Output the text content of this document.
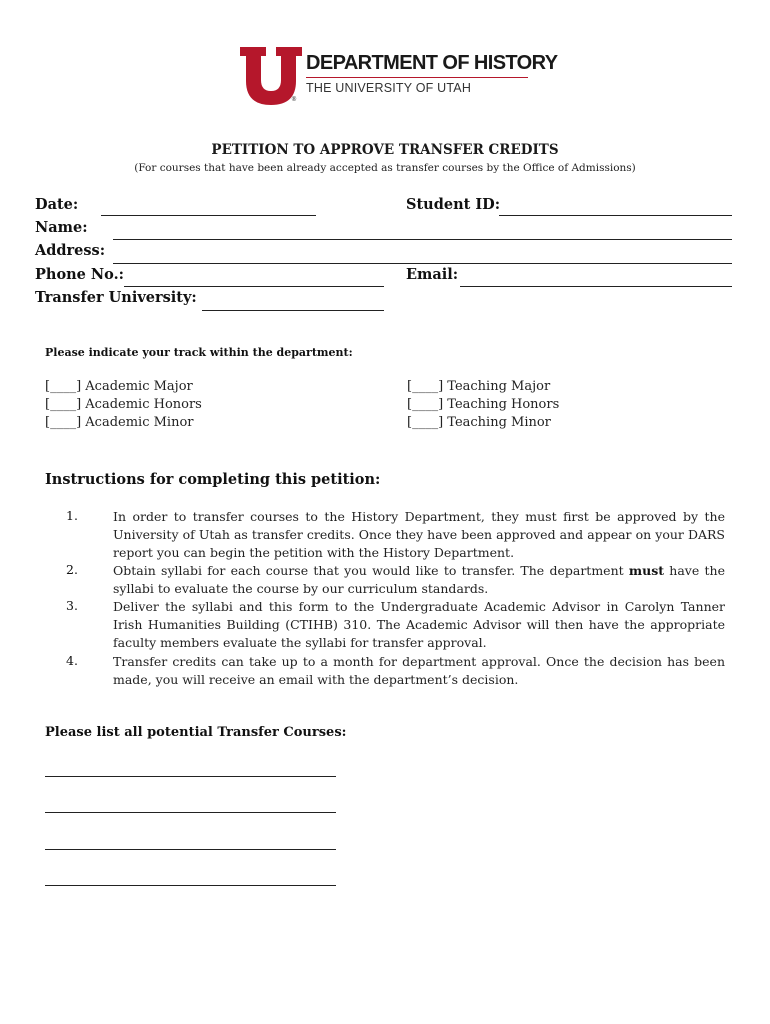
®
DEPARTMENT OF HISTORY
THE UNIVERSITY OF UTAH
PETITION TO APPROVE TRANSFER CREDITS
(For courses that have been already accepted as transfer courses by the Office of Admissions)
Date:	Student ID:
Name:
Address:
Phone No.:	Email:
Transfer University:
Please indicate your track within the department:
[____] Academic Major
[____] Academic Honors
[____] Academic Minor
[____] Teaching Major
[____] Teaching Honors
[____] Teaching Minor
Instructions for completing this petition:
1.	In order to transfer courses to the History Department, they must first be approved by the University of Utah as transfer credits. Once they have been approved and appear on your DARS report you can begin the petition with the History Department.
2.	Obtain syllabi for each course that you would like to transfer. The department must have the syllabi to evaluate the course by our curriculum standards.
3.	Deliver the syllabi and this form to the Undergraduate Academic Advisor in Carolyn Tanner Irish Humanities Building (CTIHB) 310. The Academic Advisor will then have the appropriate faculty members evaluate the syllabi for transfer approval.
4.	Transfer credits can take up to a month for department approval. Once the decision has been made, you will receive an email with the department’s decision.
Please list all potential Transfer Courses:
